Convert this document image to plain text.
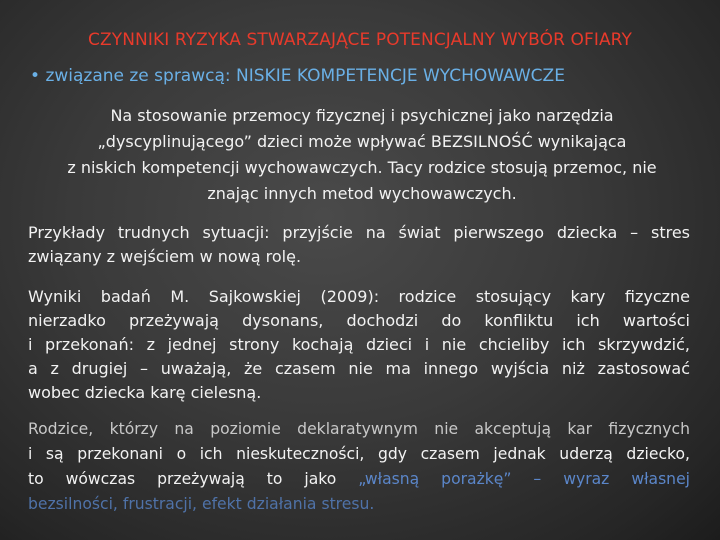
CZYNNIKI RYZYKA STWARZAJĄCE POTENCJALNY WYBÓR OFIARY
• związane ze sprawcą: NISKIE KOMPETENCJE WYCHOWAWCZE
Na stosowanie przemocy fizycznej i psychicznej jako narzędzia
„dyscyplinującego” dzieci może wpływać BEZSILNOŚĆ wynikająca
z niskich kompetencji wychowawczych. Tacy rodzice stosują przemoc, nie
znając innych metod wychowawczych.
Przykłady trudnych sytuacji: przyjście na świat pierwszego dziecka – stres
związany z wejściem w nową rolę.
Wyniki badań M. Sajkowskiej (2009): rodzice stosujący kary fizyczne
nierzadko przeżywają dysonans, dochodzi do konfliktu ich wartości
i przekonań: z jednej strony kochają dzieci i nie chcieliby ich skrzywdzić,
a z drugiej – uważają, że czasem nie ma innego wyjścia niż zastosować
wobec dziecka karę cielesną.
Rodzice, którzy na poziomie deklaratywnym nie akceptują kar fizycznych
i są przekonani o ich nieskuteczności, gdy czasem jednak uderzą dziecko,
to wówczas przeżywają to jako „własną porażkę” – wyraz własnej
bezsilności, frustracji, efekt działania stresu.
